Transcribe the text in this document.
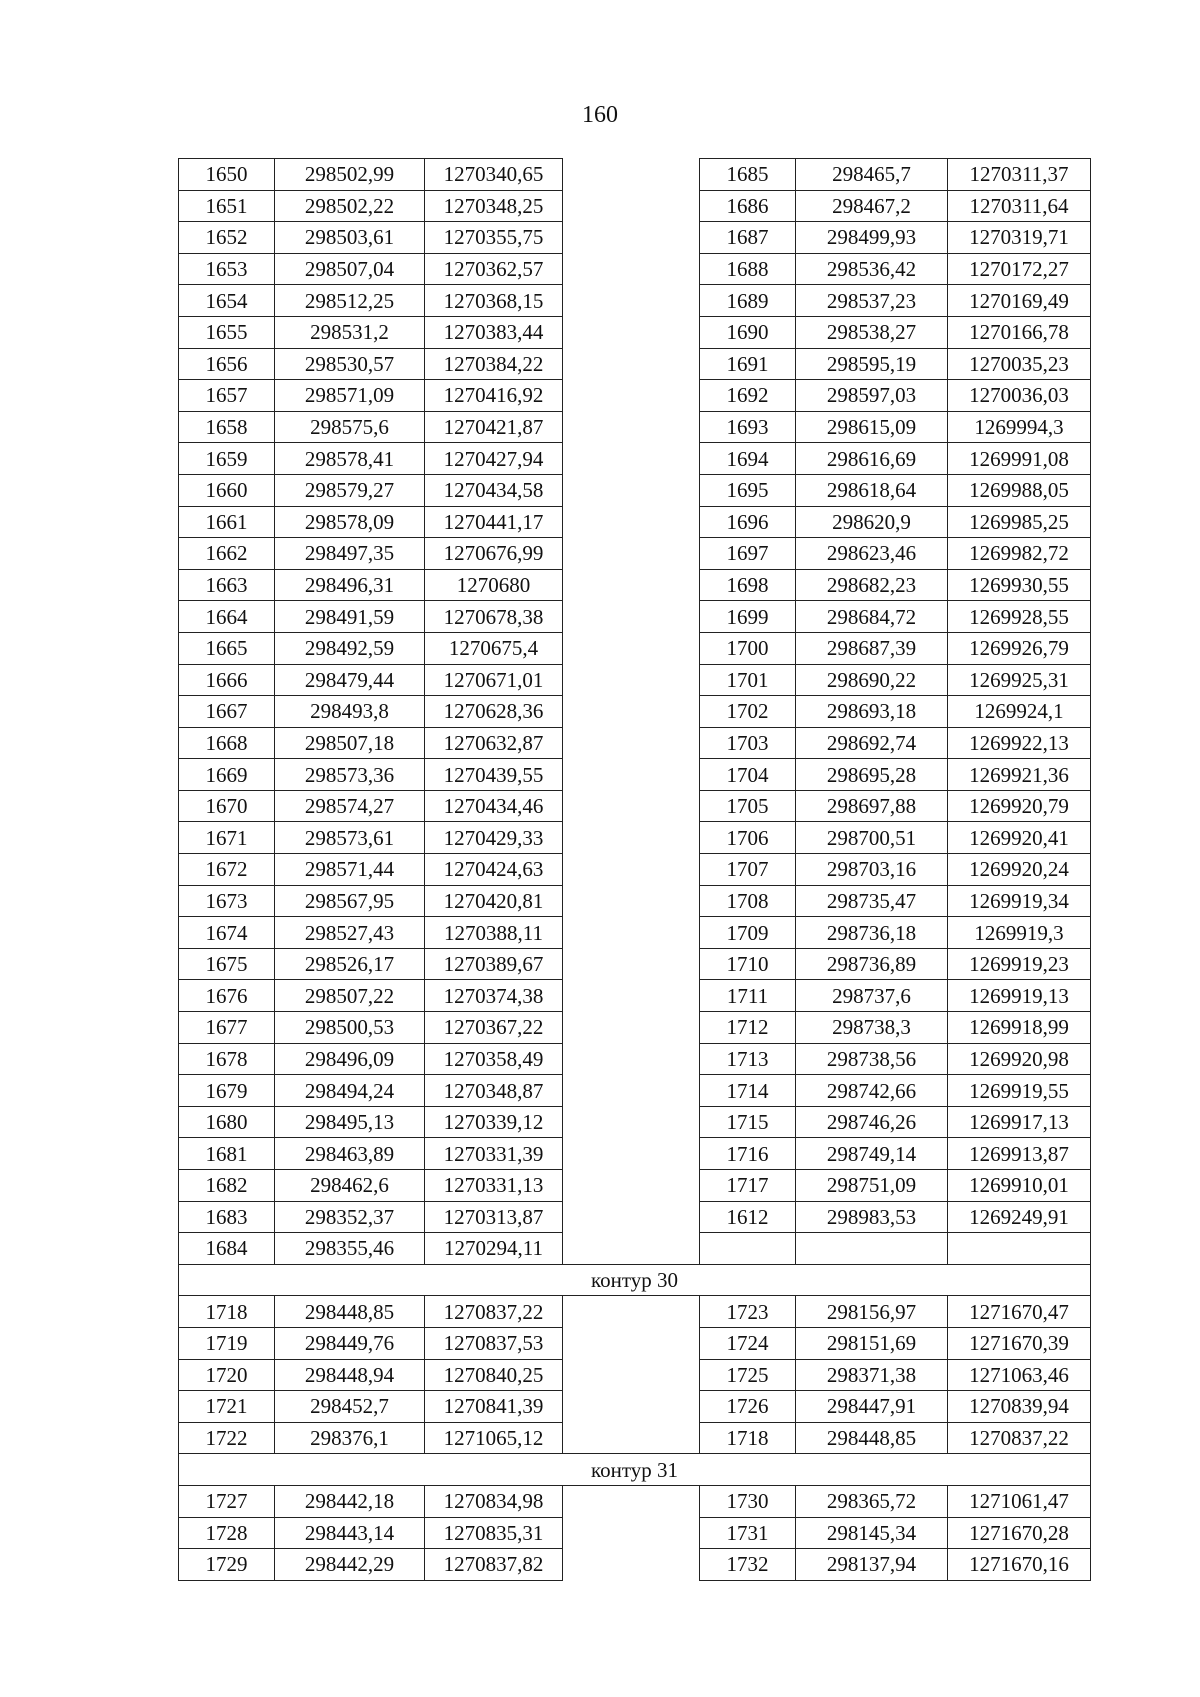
160
1650	298502,99	1270340,65		1685	298465,7	1270311,37
1651	298502,22	1270348,25		1686	298467,2	1270311,64
1652	298503,61	1270355,75		1687	298499,93	1270319,71
1653	298507,04	1270362,57		1688	298536,42	1270172,27
1654	298512,25	1270368,15		1689	298537,23	1270169,49
1655	298531,2	1270383,44		1690	298538,27	1270166,78
1656	298530,57	1270384,22		1691	298595,19	1270035,23
1657	298571,09	1270416,92		1692	298597,03	1270036,03
1658	298575,6	1270421,87		1693	298615,09	1269994,3
1659	298578,41	1270427,94		1694	298616,69	1269991,08
1660	298579,27	1270434,58		1695	298618,64	1269988,05
1661	298578,09	1270441,17		1696	298620,9	1269985,25
1662	298497,35	1270676,99		1697	298623,46	1269982,72
1663	298496,31	1270680		1698	298682,23	1269930,55
1664	298491,59	1270678,38		1699	298684,72	1269928,55
1665	298492,59	1270675,4		1700	298687,39	1269926,79
1666	298479,44	1270671,01		1701	298690,22	1269925,31
1667	298493,8	1270628,36		1702	298693,18	1269924,1
1668	298507,18	1270632,87		1703	298692,74	1269922,13
1669	298573,36	1270439,55		1704	298695,28	1269921,36
1670	298574,27	1270434,46		1705	298697,88	1269920,79
1671	298573,61	1270429,33		1706	298700,51	1269920,41
1672	298571,44	1270424,63		1707	298703,16	1269920,24
1673	298567,95	1270420,81		1708	298735,47	1269919,34
1674	298527,43	1270388,11		1709	298736,18	1269919,3
1675	298526,17	1270389,67		1710	298736,89	1269919,23
1676	298507,22	1270374,38		1711	298737,6	1269919,13
1677	298500,53	1270367,22		1712	298738,3	1269918,99
1678	298496,09	1270358,49		1713	298738,56	1269920,98
1679	298494,24	1270348,87		1714	298742,66	1269919,55
1680	298495,13	1270339,12		1715	298746,26	1269917,13
1681	298463,89	1270331,39		1716	298749,14	1269913,87
1682	298462,6	1270331,13		1717	298751,09	1269910,01
1683	298352,37	1270313,87		1612	298983,53	1269249,91
1684	298355,46	1270294,11				
контур 30						
1718	298448,85	1270837,22		1723	298156,97	1271670,47
1719	298449,76	1270837,53		1724	298151,69	1271670,39
1720	298448,94	1270840,25		1725	298371,38	1271063,46
1721	298452,7	1270841,39		1726	298447,91	1270839,94
1722	298376,1	1271065,12		1718	298448,85	1270837,22
контур 31						
1727	298442,18	1270834,98		1730	298365,72	1271061,47
1728	298443,14	1270835,31		1731	298145,34	1271670,28
1729	298442,29	1270837,82		1732	298137,94	1271670,16
